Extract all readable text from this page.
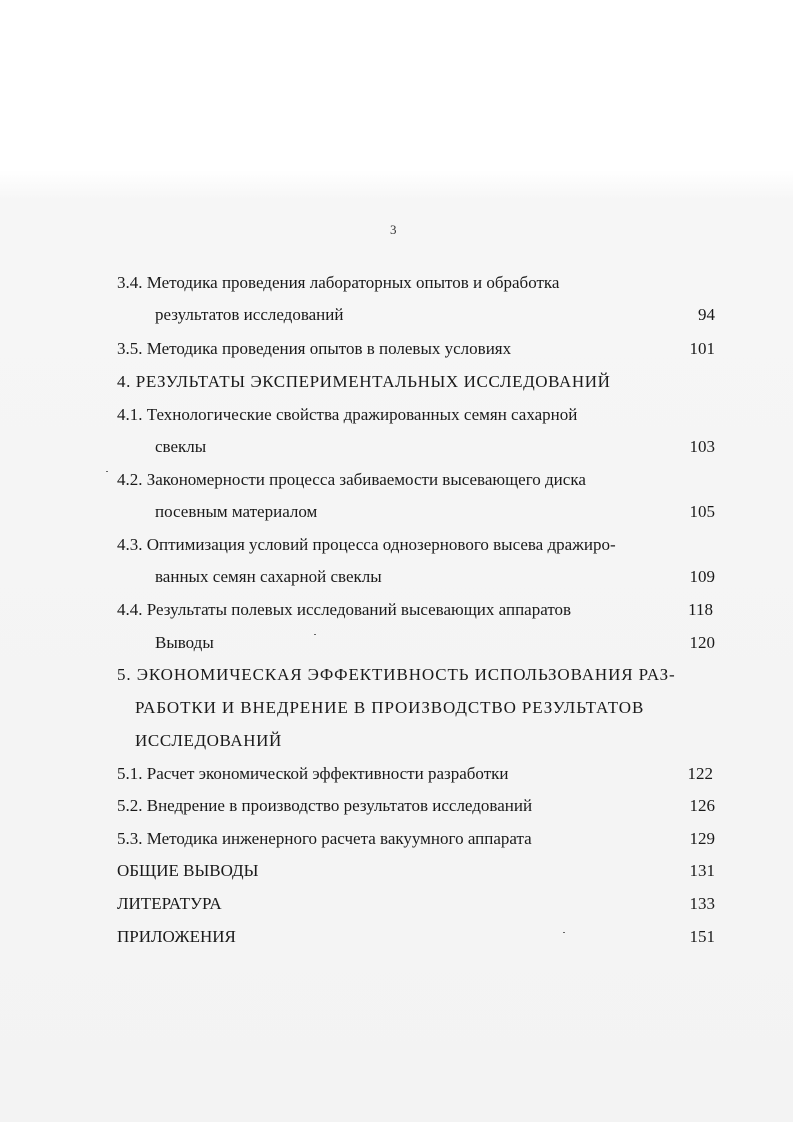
3
3.4. Методика проведения лабораторных опытов и обработка
результатов исследований	94
3.5. Методика проведения опытов в полевых условиях	101
4. РЕЗУЛЬТАТЫ ЭКСПЕРИМЕНТАЛЬНЫХ ИССЛЕДОВАНИЙ
4.1. Технологические свойства дражированных семян сахарной
свеклы	103
4.2. Закономерности процесса забиваемости высевающего диска
посевным материалом	105
4.3. Оптимизация условий процесса однозернового высева дражиро-
ванных семян сахарной свеклы	109
4.4. Результаты полевых исследований высевающих аппаратов	118
Выводы	120
5. ЭКОНОМИЧЕСКАЯ ЭФФЕКТИВНОСТЬ ИСПОЛЬЗОВАНИЯ РАЗ-
РАБОТКИ И ВНЕДРЕНИЕ В ПРОИЗВОДСТВО РЕЗУЛЬТАТОВ
ИССЛЕДОВАНИЙ
5.1. Расчет экономической эффективности разработки	122
5.2. Внедрение в производство результатов исследований	126
5.3. Методика инженерного расчета вакуумного аппарата	129
ОБЩИЕ ВЫВОДЫ	131
ЛИТЕРАТУРА	133
ПРИЛОЖЕНИЯ	151
